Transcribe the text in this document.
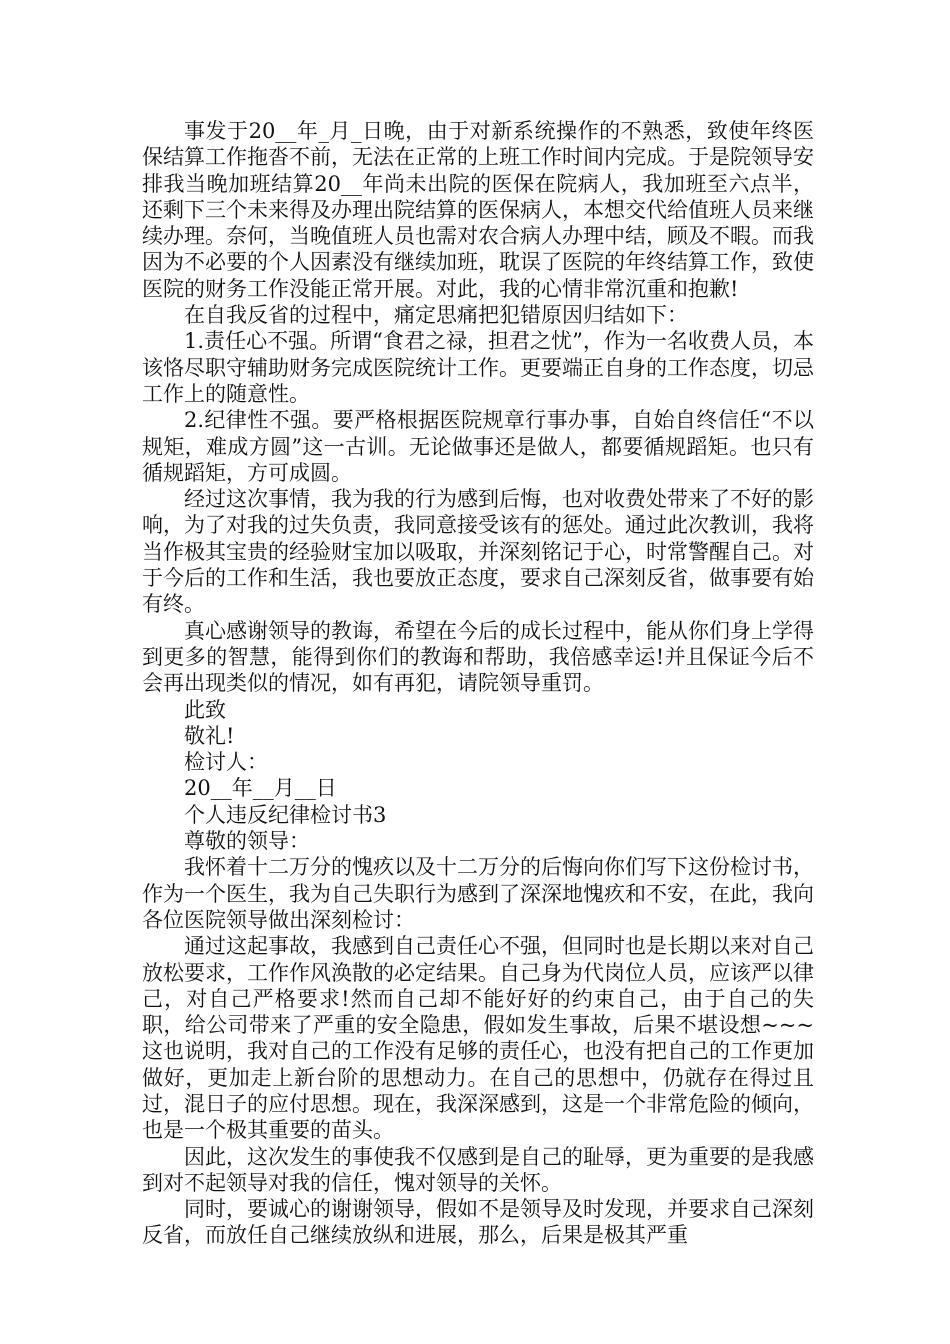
事发于20__年_月_日晚，由于对新系统操作的不熟悉，致使年终医保结算工作拖沓不前，无法在正常的上班工作时间内完成。于是院领导安排我当晚加班结算20__年尚未出院的医保在院病人，我加班至六点半，还剩下三个未来得及办理出院结算的医保病人，本想交代给值班人员来继续办理。奈何，当晚值班人员也需对农合病人办理中结，顾及不暇。而我因为不必要的个人因素没有继续加班，耽误了医院的年终结算工作，致使医院的财务工作没能正常开展。对此，我的心情非常沉重和抱歉!

在自我反省的过程中，痛定思痛把犯错原因归结如下：

1.责任心不强。所谓“食君之禄，担君之忧”，作为一名收费人员，本该恪尽职守辅助财务完成医院统计工作。更要端正自身的工作态度，切忌工作上的随意性。

2.纪律性不强。要严格根据医院规章行事办事，自始自终信任“不以规矩，难成方圆”这一古训。无论做事还是做人，都要循规蹈矩。也只有循规蹈矩，方可成圆。

经过这次事情，我为我的行为感到后悔，也对收费处带来了不好的影响，为了对我的过失负责，我同意接受该有的惩处。通过此次教训，我将当作极其宝贵的经验财宝加以吸取，并深刻铭记于心，时常警醒自己。对于今后的工作和生活，我也要放正态度，要求自己深刻反省，做事要有始有终。

真心感谢领导的教诲，希望在今后的成长过程中，能从你们身上学得到更多的智慧，能得到你们的教诲和帮助，我倍感幸运!并且保证今后不会再出现类似的情况，如有再犯，请院领导重罚。

此致

敬礼!

检讨人：

20__年__月__日

个人违反纪律检讨书3

尊敬的领导：

我怀着十二万分的愧疚以及十二万分的后悔向你们写下这份检讨书，作为一个医生，我为自己失职行为感到了深深地愧疚和不安，在此，我向各位医院领导做出深刻检讨：

通过这起事故，我感到自己责任心不强，但同时也是长期以来对自己放松要求，工作作风涣散的必定结果。自己身为代岗位人员，应该严以律己，对自己严格要求!然而自己却不能好好的约束自己，由于自己的失职，给公司带来了严重的安全隐患，假如发生事故，后果不堪设想~~~这也说明，我对自己的工作没有足够的责任心，也没有把自己的工作更加做好，更加走上新台阶的思想动力。在自己的思想中，仍就存在得过且过，混日子的应付思想。现在，我深深感到，这是一个非常危险的倾向，也是一个极其重要的苗头。

因此，这次发生的事使我不仅感到是自己的耻辱，更为重要的是我感到对不起领导对我的信任，愧对领导的关怀。

同时，要诚心的谢谢领导，假如不是领导及时发现，并要求自己深刻反省，而放任自己继续放纵和进展，那么，后果是极其严重
